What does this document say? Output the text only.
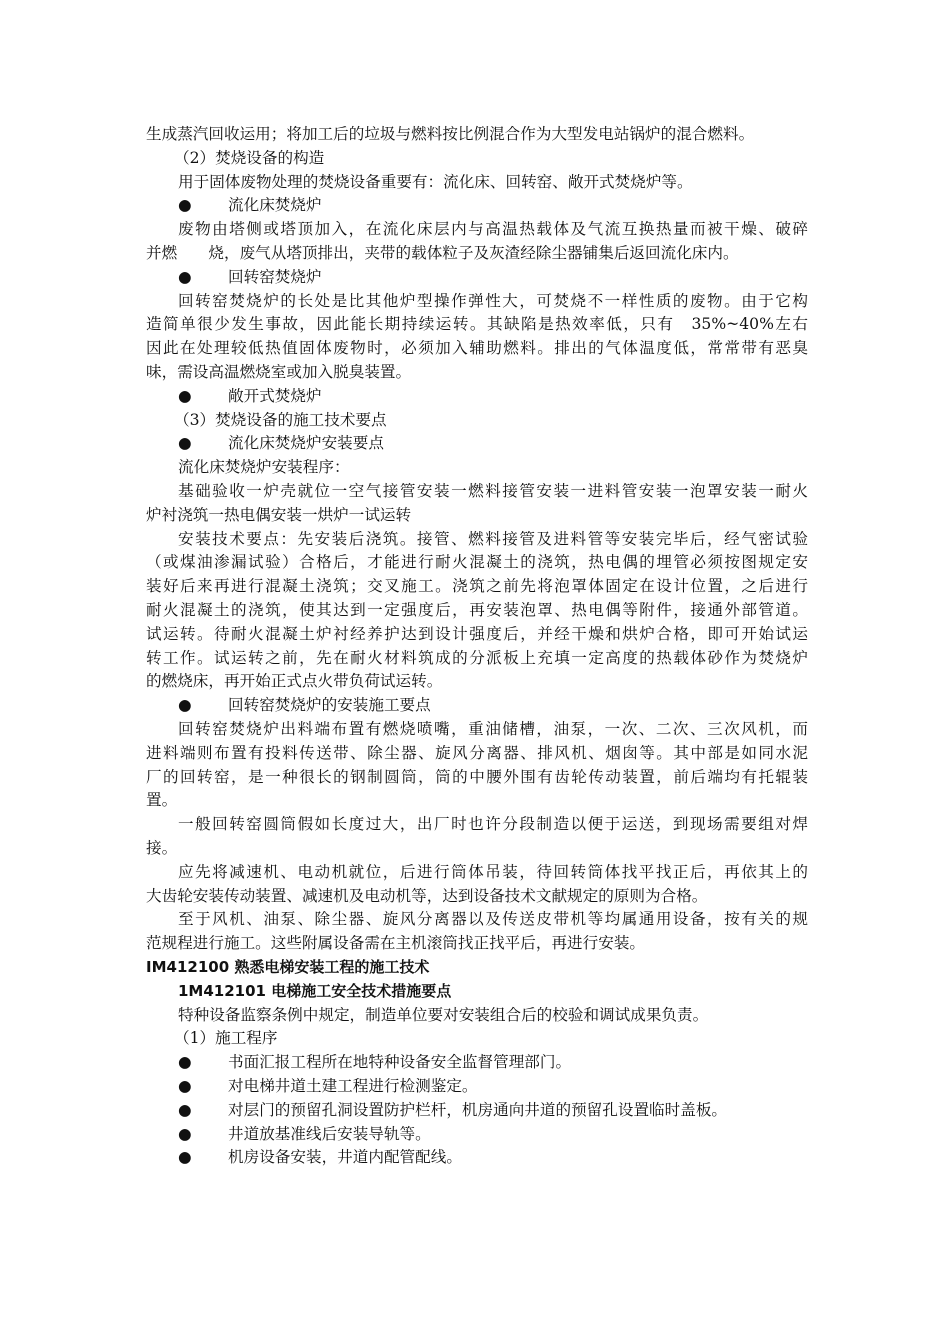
生成蒸汽回收运用；将加工后的垃圾与燃料按比例混合作为大型发电站锅炉的混合燃料。
（2）焚烧设备的构造
用于固体废物处理的焚烧设备重要有：流化床、回转窑、敞开式焚烧炉等。
● 流化床焚烧炉
废物由塔侧或塔顶加入，在流化床层内与高温热载体及气流互换热量而被干燥、破碎
并燃　　烧，废气从塔顶排出，夹带的载体粒子及灰渣经除尘器铺集后返回流化床内。
● 回转窑焚烧炉
回转窑焚烧炉的长处是比其他炉型操作弹性大，可焚烧不一样性质的废物。由于它构
造简单很少发生事故，因此能长期持续运转。其缺陷是热效率低，只有　35%~40%左右
因此在处理较低热值固体废物时，必须加入辅助燃料。排出的气体温度低，常常带有恶臭
味，需设高温燃烧室或加入脱臭装置。
● 敞开式焚烧炉
（3）焚烧设备的施工技术要点
● 流化床焚烧炉安装要点
流化床焚烧炉安装程序：
基础验收一炉壳就位一空气接管安装一燃料接管安装一进料管安装一泡罩安装一耐火
炉衬浇筑一热电偶安装一烘炉一试运转
安装技术要点：先安装后浇筑。接管、燃料接管及进料管等安装完毕后，经气密试验
（或煤油渗漏试验）合格后，才能进行耐火混凝土的浇筑，热电偶的埋管必须按图规定安
装好后来再进行混凝土浇筑；交叉施工。浇筑之前先将泡罩体固定在设计位置，之后进行
耐火混凝土的浇筑，使其达到一定强度后，再安装泡罩、热电偶等附件，接通外部管道。
试运转。待耐火混凝土炉衬经养护达到设计强度后，并经干燥和烘炉合格，即可开始试运
转工作。试运转之前，先在耐火材料筑成的分派板上充填一定高度的热载体砂作为焚烧炉
的燃烧床，再开始正式点火带负荷试运转。
● 回转窑焚烧炉的安装施工要点
回转窑焚烧炉出料端布置有燃烧喷嘴，重油储槽，油泵，一次、二次、三次风机，而
进料端则布置有投料传送带、除尘器、旋风分离器、排风机、烟囱等。其中部是如同水泥
厂的回转窑，是一种很长的钢制圆筒，筒的中腰外围有齿轮传动装置，前后端均有托辊装
置。
一般回转窑圆筒假如长度过大，出厂时也许分段制造以便于运送，到现场需要组对焊
接。
应先将减速机、电动机就位，后进行筒体吊装，待回转筒体找平找正后，再依其上的
大齿轮安装传动装置、减速机及电动机等，达到设备技术文献规定的原则为合格。
至于风机、油泵、除尘器、旋风分离器以及传送皮带机等均属通用设备，按有关的规
范规程进行施工。这些附属设备需在主机滚筒找正找平后，再进行安装。
IM412100 熟悉电梯安装工程的施工技术
1M412101 电梯施工安全技术措施要点
特种设备监察条例中规定，制造单位要对安装组合后的校验和调试成果负责。
（1）施工程序
● 书面汇报工程所在地特种设备安全监督管理部门。
● 对电梯井道土建工程进行检测鉴定。
● 对层门的预留孔洞设置防护栏杆，机房通向井道的预留孔设置临时盖板。
● 井道放基准线后安装导轨等。
● 机房设备安装，井道内配管配线。
